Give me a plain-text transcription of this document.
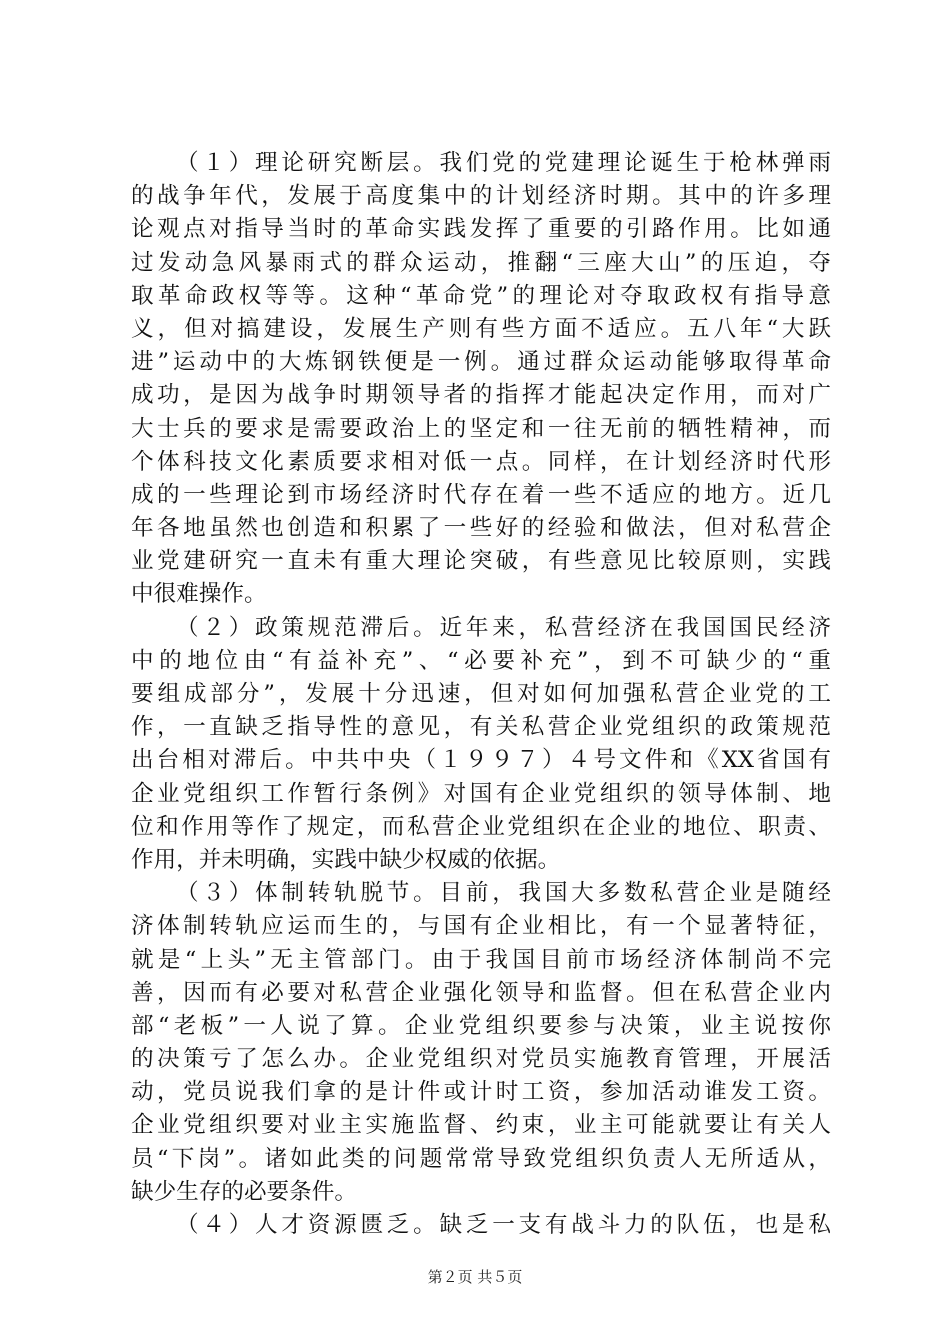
（１）理论研究断层。我们党的党建理论诞生于枪林弹雨
的战争年代，发展于高度集中的计划经济时期。其中的许多理
论观点对指导当时的革命实践发挥了重要的引路作用。比如通
过发动急风暴雨式的群众运动，推翻“三座大山”的压迫，夺
取革命政权等等。这种“革命党”的理论对夺取政权有指导意
义，但对搞建设，发展生产则有些方面不适应。五八年“大跃
进”运动中的大炼钢铁便是一例。通过群众运动能够取得革命
成功，是因为战争时期领导者的指挥才能起决定作用，而对广
大士兵的要求是需要政治上的坚定和一往无前的牺牲精神，而
个体科技文化素质要求相对低一点。同样，在计划经济时代形
成的一些理论到市场经济时代存在着一些不适应的地方。近几
年各地虽然也创造和积累了一些好的经验和做法，但对私营企
业党建研究一直未有重大理论突破，有些意见比较原则，实践
中很难操作。
（２）政策规范滞后。近年来，私营经济在我国国民经济
中的地位由“有益补充”、“必要补充”，到不可缺少的“重
要组成部分”，发展十分迅速，但对如何加强私营企业党的工
作，一直缺乏指导性的意见，有关私营企业党组织的政策规范
出台相对滞后。中共中央（１９９７）４号文件和《XX省国有
企业党组织工作暂行条例》对国有企业党组织的领导体制、地
位和作用等作了规定，而私营企业党组织在企业的地位、职责、
作用，并未明确，实践中缺少权威的依据。
（３）体制转轨脱节。目前，我国大多数私营企业是随经
济体制转轨应运而生的，与国有企业相比，有一个显著特征，
就是“上头”无主管部门。由于我国目前市场经济体制尚不完
善，因而有必要对私营企业强化领导和监督。但在私营企业内
部“老板”一人说了算。企业党组织要参与决策，业主说按你
的决策亏了怎么办。企业党组织对党员实施教育管理，开展活
动，党员说我们拿的是计件或计时工资，参加活动谁发工资。
企业党组织要对业主实施监督、约束，业主可能就要让有关人
员“下岗”。诸如此类的问题常常导致党组织负责人无所适从，
缺少生存的必要条件。
（４）人才资源匮乏。缺乏一支有战斗力的队伍，也是私
第２页 共５页
